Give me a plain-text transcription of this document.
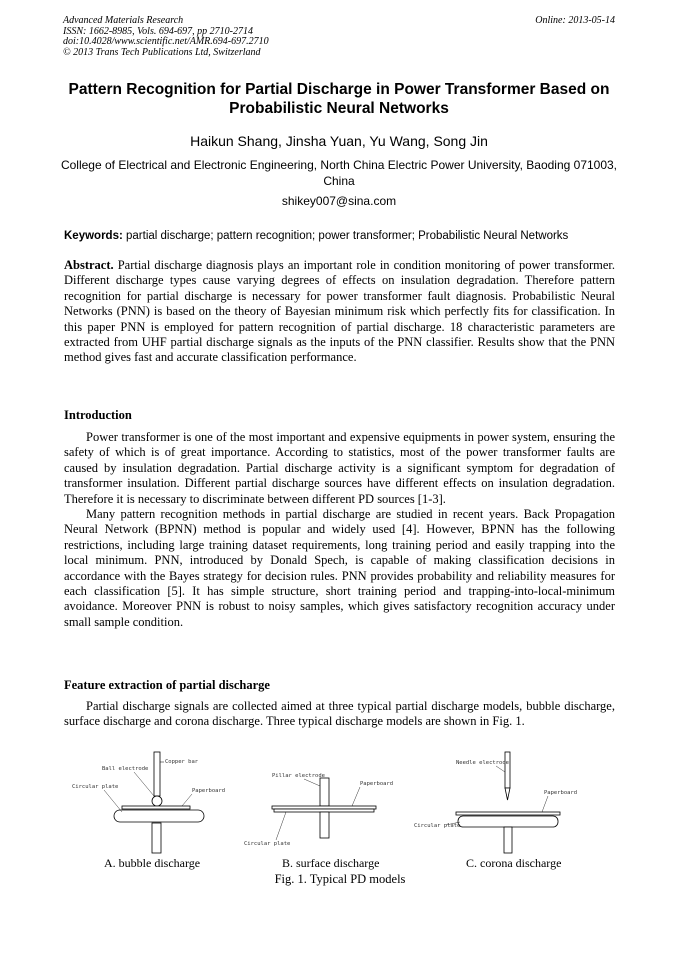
Advanced Materials Research
ISSN: 1662-8985, Vols. 694-697, pp 2710-2714
doi:10.4028/www.scientific.net/AMR.694-697.2710
© 2013 Trans Tech Publications Ltd, Switzerland
Online: 2013-05-14
Pattern Recognition for Partial Discharge in Power Transformer Based on Probabilistic Neural Networks
Haikun Shang, Jinsha Yuan, Yu Wang, Song Jin
College of Electrical and Electronic Engineering, North China Electric Power University, Baoding 071003, China
shikey007@sina.com
Keywords: partial discharge; pattern recognition; power transformer; Probabilistic Neural Networks
Abstract. Partial discharge diagnosis plays an important role in condition monitoring of power transformer. Different discharge types cause varying degrees of effects on insulation degradation. Therefore pattern recognition for partial discharge is necessary for power transformer fault diagnosis. Probabilistic Neural Networks (PNN) is based on the theory of Bayesian minimum risk which perfectly fits for classification. In this paper PNN is employed for pattern recognition of partial discharge. 18 characteristic parameters are extracted from UHF partial discharge signals as the inputs of the PNN classifier. Results show that the PNN method gives fast and accurate classification performance.
Introduction

Power transformer is one of the most important and expensive equipments in power system, ensuring the safety of which is of great importance. According to statistics, most of the power transformer faults are caused by insulation degradation. Partial discharge activity is a significant symptom for degradation of transformer insulation. Different partial discharge sources have different effects on insulation degradation. Therefore it is necessary to discriminate between different PD sources [1-3].

Many pattern recognition methods in partial discharge are studied in recent years. Back Propagation Neural Network (BPNN) method is popular and widely used [4]. However, BPNN has the following restrictions, including large training dataset requirements, long training period and easily trapping into the local minimum. PNN, introduced by Donald Spech, is capable of making classification decisions in accordance with the Bayes strategy for decision rules. PNN provides probability and reliability measures for each classification [5]. It has simple structure, short training period and trapping-into-local-minimum avoidance. Moreover PNN is robust to noisy samples, which gives satisfactory recognition accuracy under small sample condition.

Feature extraction of partial discharge

Partial discharge signals are collected aimed at three typical partial discharge models, bubble discharge, surface discharge and corona discharge. Three typical discharge models are shown in Fig. 1.

Copper bar
Ball electrode
Circular plate
Paperboard
Pillar electrode
Paperboard
Circular plate
Needle electrode
Paperboard
Circular plate
A. bubble discharge	B. surface discharge	C. corona discharge
Fig. 1. Typical PD models
